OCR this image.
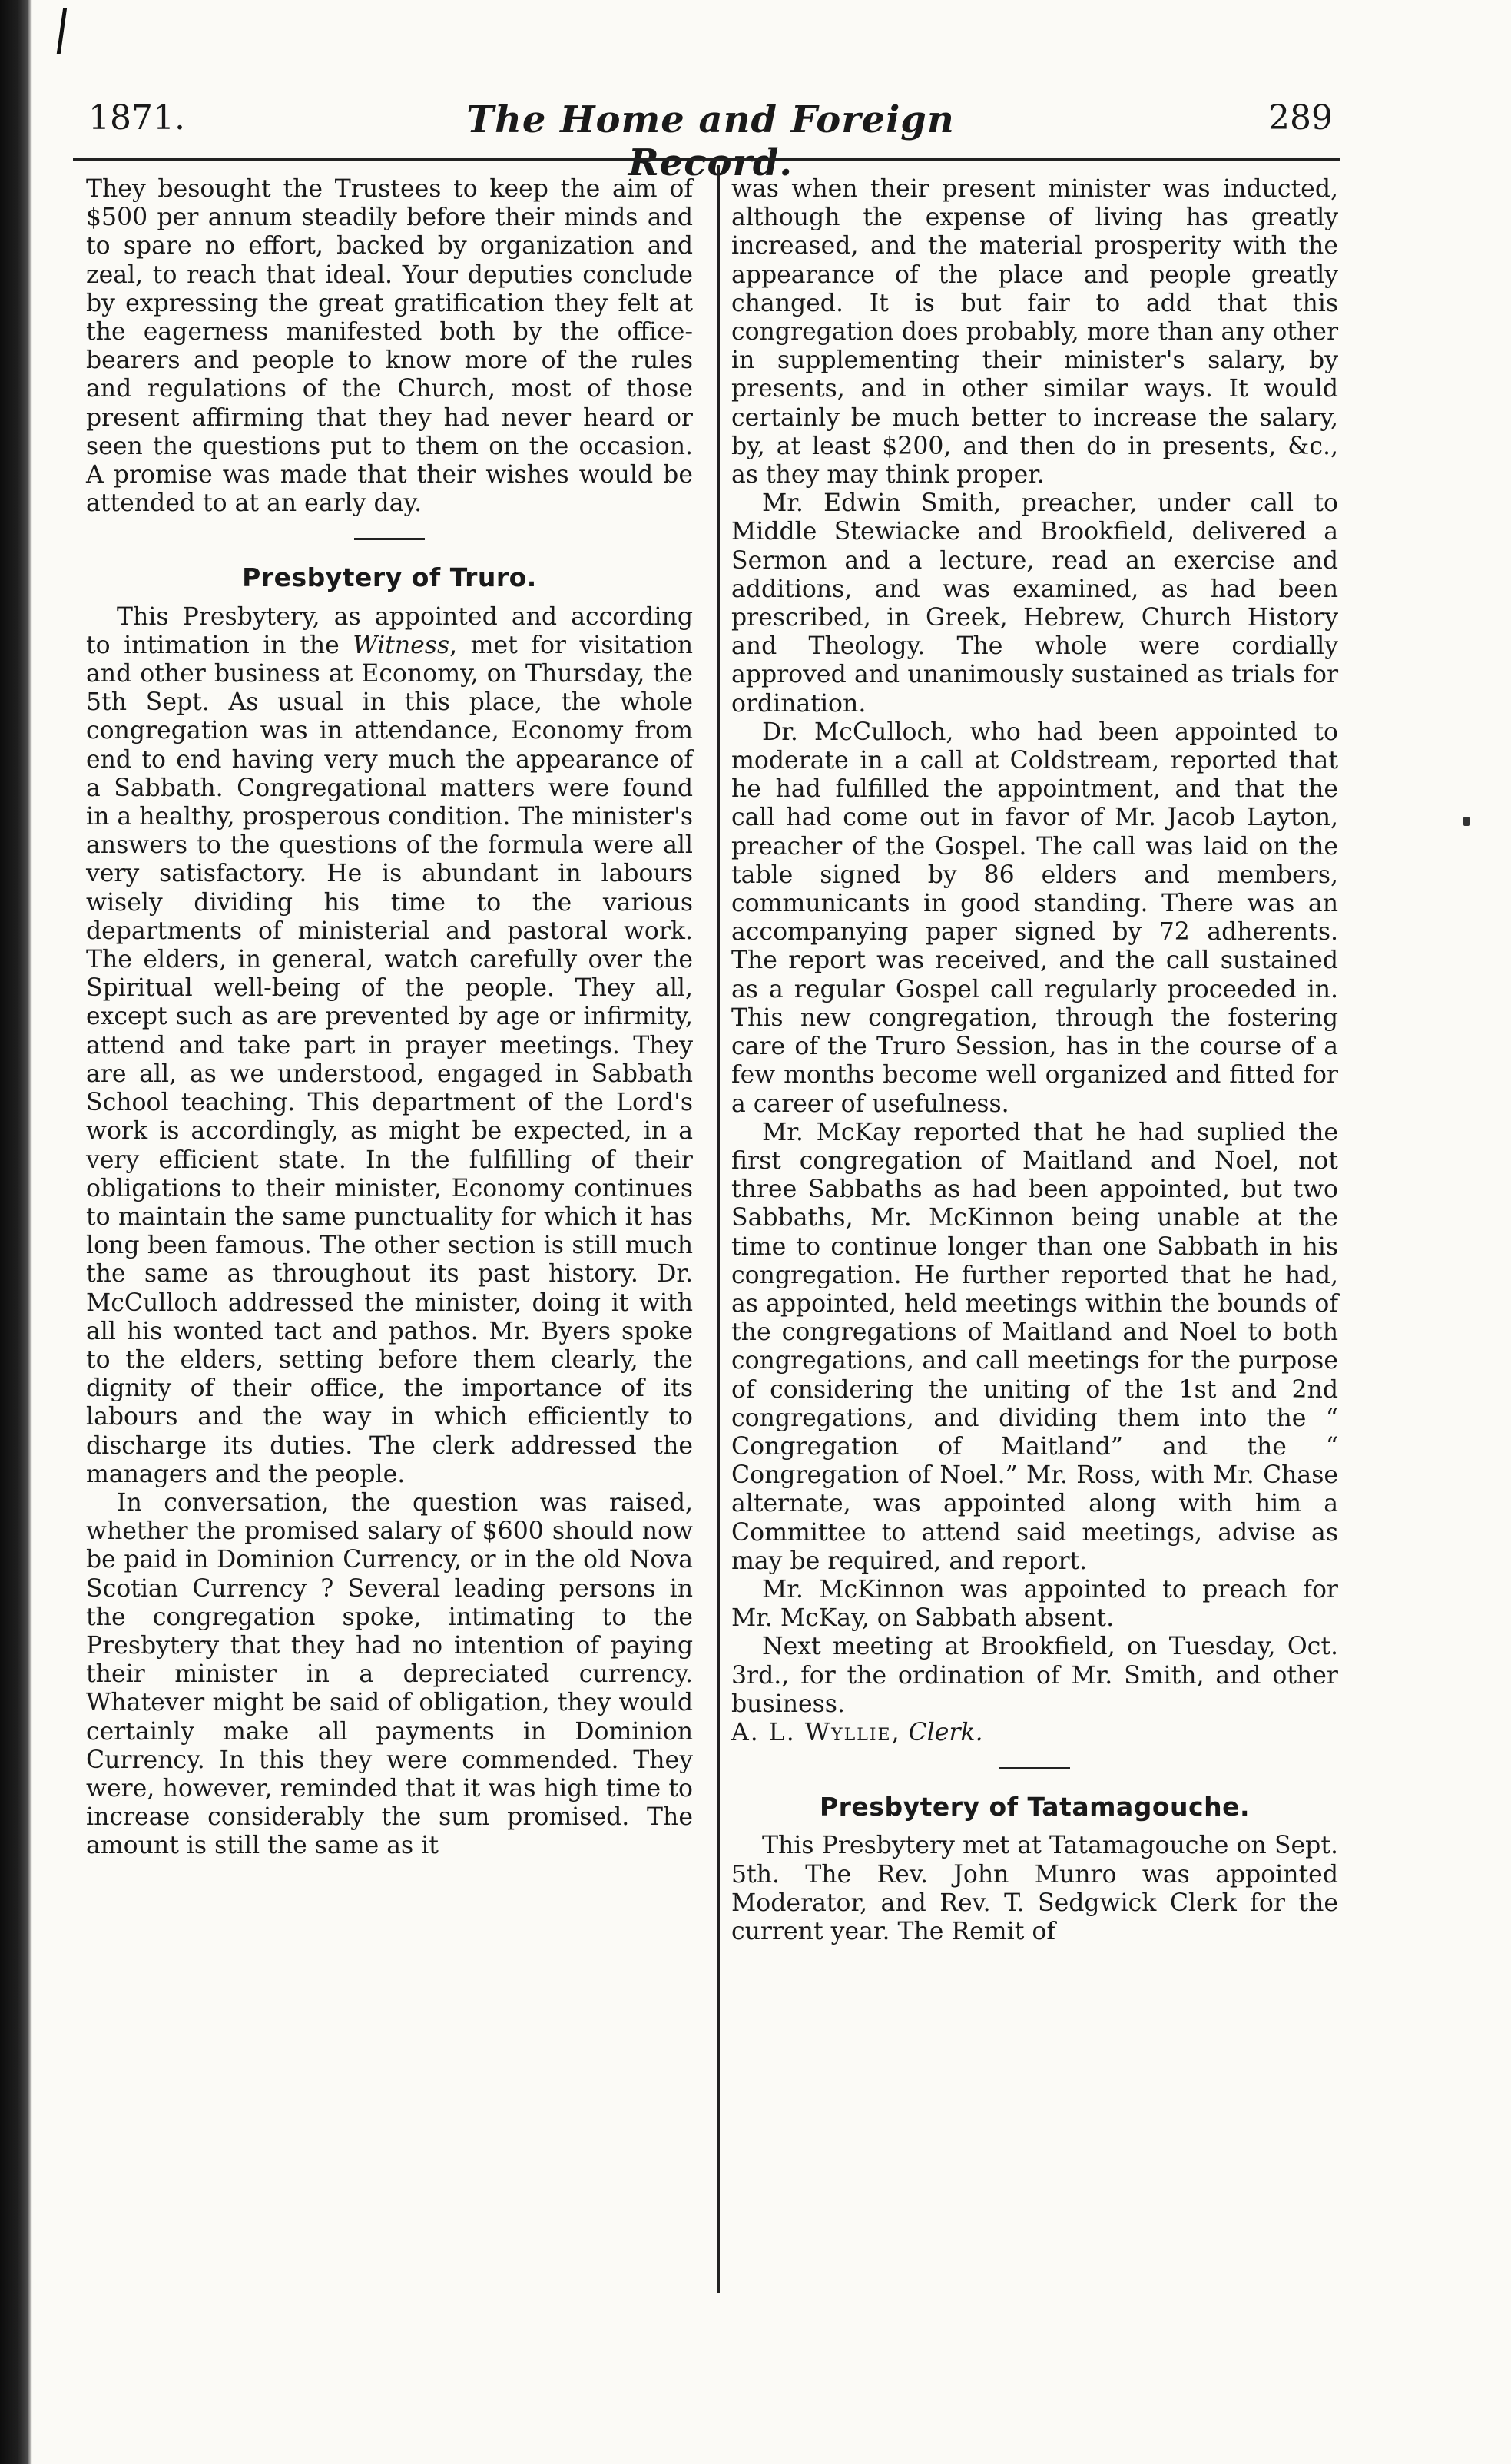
1871.	The Home and Foreign Record.
289

They besought the Trustees to keep the aim of $500 per annum steadily before their minds and to spare no effort, backed by organization and zeal, to reach that ideal. Your deputies conclude by expressing the great gratification they felt at the eagerness manifested both by the office-bearers and people to know more of the rules and regulations of the Church, most of those present affirming that they had never heard or seen the questions put to them on the occasion. A promise was made that their wishes would be attended to at an early day.

Presbytery of Truro.

This Presbytery, as appointed and according to intimation in the Witness, met for visitation and other business at Economy, on Thursday, the 5th Sept. As usual in this place, the whole congregation was in attendance, Economy from end to end having very much the appearance of a Sabbath. Congregational matters were found in a healthy, prosperous condition. The minister's answers to the questions of the formula were all very satisfactory. He is abundant in labours wisely dividing his time to the various departments of ministerial and pastoral work. The elders, in general, watch carefully over the Spiritual well-being of the people. They all, except such as are prevented by age or infirmity, attend and take part in prayer meetings. They are all, as we understood, engaged in Sabbath School teaching. This department of the Lord's work is accordingly, as might be expected, in a very efficient state. In the fulfilling of their obligations to their minister, Economy continues to maintain the same punctuality for which it has long been famous. The other section is still much the same as throughout its past history. Dr. McCulloch addressed the minister, doing it with all his wonted tact and pathos. Mr. Byers spoke to the elders, setting before them clearly, the dignity of their office, the importance of its labours and the way in which efficiently to discharge its duties. The clerk addressed the managers and the people.

In conversation, the question was raised, whether the promised salary of $600 should now be paid in Dominion Currency, or in the old Nova Scotian Currency ? Several leading persons in the congregation spoke, intimating to the Presbytery that they had no intention of paying their minister in a depreciated currency. Whatever might be said of obligation, they would certainly make all payments in Dominion Currency. In this they were commended. They were, however, reminded that it was high time to increase considerably the sum promised. The amount is still the same as it

was when their present minister was inducted, although the expense of living has greatly increased, and the material prosperity with the appearance of the place and people greatly changed. It is but fair to add that this congregation does probably, more than any other in supplementing their minister's salary, by presents, and in other similar ways. It would certainly be much better to increase the salary, by, at least $200, and then do in presents, &c., as they may think proper.

Mr. Edwin Smith, preacher, under call to Middle Stewiacke and Brookfield, delivered a Sermon and a lecture, read an exercise and additions, and was examined, as had been prescribed, in Greek, Hebrew, Church History and Theology. The whole were cordially approved and unanimously sustained as trials for ordination.

Dr. McCulloch, who had been appointed to moderate in a call at Coldstream, reported that he had fulfilled the appointment, and that the call had come out in favor of Mr. Jacob Layton, preacher of the Gospel. The call was laid on the table signed by 86 elders and members, communicants in good standing. There was an accompanying paper signed by 72 adherents. The report was received, and the call sustained as a regular Gospel call regularly proceeded in. This new congregation, through the fostering care of the Truro Session, has in the course of a few months become well organized and fitted for a career of usefulness.

Mr. McKay reported that he had suplied the first congregation of Maitland and Noel, not three Sabbaths as had been appointed, but two Sabbaths, Mr. McKinnon being unable at the time to continue longer than one Sabbath in his congregation. He further reported that he had, as appointed, held meetings within the bounds of the congregations of Maitland and Noel to both congregations, and call meetings for the purpose of considering the uniting of the 1st and 2nd congregations, and dividing them into the “ Congregation of Maitland” and the “ Congregation of Noel.” Mr. Ross, with Mr. Chase alternate, was appointed along with him a Committee to attend said meetings, advise as may be required, and report.

Mr. McKinnon was appointed to preach for Mr. McKay, on Sabbath absent.

Next meeting at Brookfield, on Tuesday, Oct. 3rd., for the ordination of Mr. Smith, and other business.

A. L. Wyllie, Clerk.

Presbytery of Tatamagouche.

This Presbytery met at Tatamagouche on Sept. 5th. The Rev. John Munro was appointed Moderator, and Rev. T. Sedgwick Clerk for the current year. The Remit of
